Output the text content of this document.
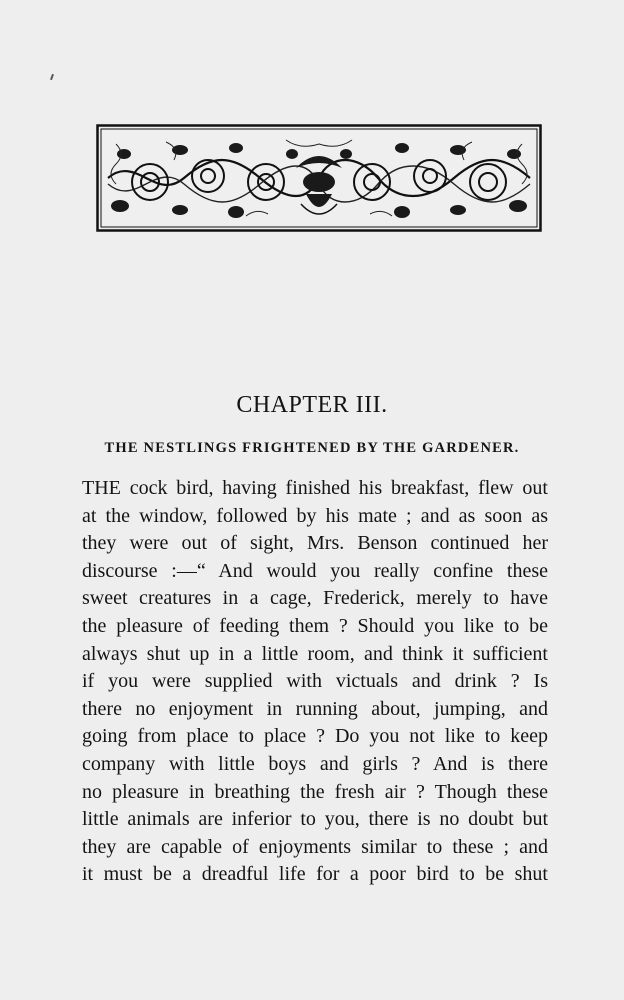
CHAPTER III.
THE NESTLINGS FRIGHTENED BY THE GARDENER.
THE cock bird, having finished his breakfast, flew out
at the window, followed by his mate ; and as soon as
they were out of sight, Mrs. Benson continued her
discourse :—“ And would you really confine these
sweet creatures in a cage, Frederick, merely to have
the pleasure of feeding them ? Should you like to be
always shut up in a little room, and think it sufficient
if you were supplied with victuals and drink ? Is
there no enjoyment in running about, jumping, and
going from place to place ? Do you not like to keep
company with little boys and girls ? And is there
no pleasure in breathing the fresh air ? Though these
little animals are inferior to you, there is no doubt but
they are capable of enjoyments similar to these ; and
it must be a dreadful life for a poor bird to be shut
